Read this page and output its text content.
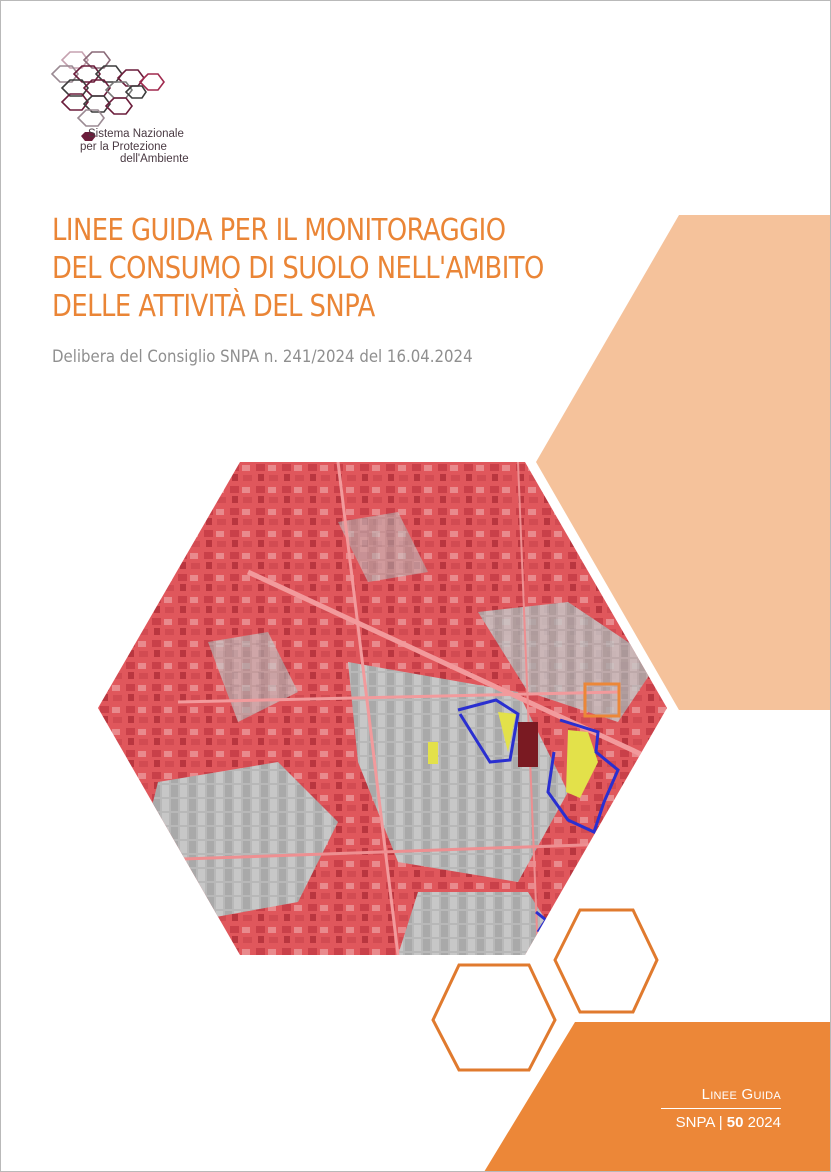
Sistema Nazionale
per la Protezione
dell'Ambiente
LINEE GUIDA PER IL MONITORAGGIO
DEL CONSUMO DI SUOLO NELL'AMBITO
DELLE ATTIVITÀ DEL SNPA
Delibera del Consiglio SNPA n. 241/2024 del 16.04.2024
Linee Guida
SNPA | 50 2024
